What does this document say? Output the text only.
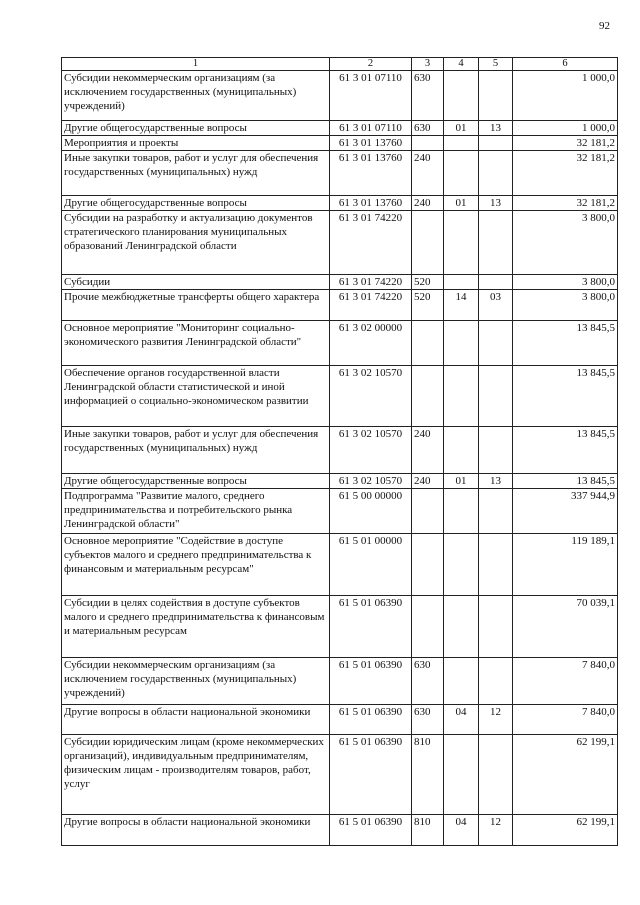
92
1	2	3	4	5	6
Субсидии некоммерческим организациям (за исключением государственных (муниципальных) учреждений)	61 3 01 07110	630			1 000,0
Другие общегосударственные вопросы	61 3 01 07110	630	01	13	1 000,0
Мероприятия и проекты	61 3 01 13760				32 181,2
Иные закупки товаров, работ и услуг для обеспечения государственных (муниципальных) нужд	61 3 01 13760	240			32 181,2
Другие общегосударственные вопросы	61 3 01 13760	240	01	13	32 181,2
Субсидии на разработку и актуализацию документов стратегического планирования муниципальных образований Ленинградской области	61 3 01 74220				3 800,0
Субсидии	61 3 01 74220	520			3 800,0
Прочие межбюджетные трансферты общего характера	61 3 01 74220	520	14	03	3 800,0
Основное мероприятие "Мониторинг социально-экономического развития Ленинградской области"	61 3 02 00000				13 845,5
Обеспечение органов государственной власти Ленинградской области статистической и иной информацией о социально-экономическом развитии	61 3 02 10570				13 845,5
Иные закупки товаров, работ и услуг для обеспечения государственных (муниципальных) нужд	61 3 02 10570	240			13 845,5
Другие общегосударственные вопросы	61 3 02 10570	240	01	13	13 845,5
Подпрограмма "Развитие малого, среднего предпринимательства и потребительского рынка Ленинградской области"	61 5 00 00000				337 944,9
Основное мероприятие "Содействие в доступе субъектов малого и среднего предпринимательства к финансовым и материальным ресурсам"	61 5 01 00000				119 189,1
Субсидии в целях содействия в доступе субъектов малого и среднего предпринимательства к финансовым и материальным ресурсам	61 5 01 06390				70 039,1
Субсидии некоммерческим организациям (за исключением государственных (муниципальных) учреждений)	61 5 01 06390	630			7 840,0
Другие вопросы в области национальной экономики	61 5 01 06390	630	04	12	7 840,0
Субсидии юридическим лицам (кроме некоммерческих организаций), индивидуальным предпринимателям, физическим лицам - производителям товаров, работ, услуг	61 5 01 06390	810			62 199,1
Другие вопросы в области национальной экономики	61 5 01 06390	810	04	12	62 199,1
